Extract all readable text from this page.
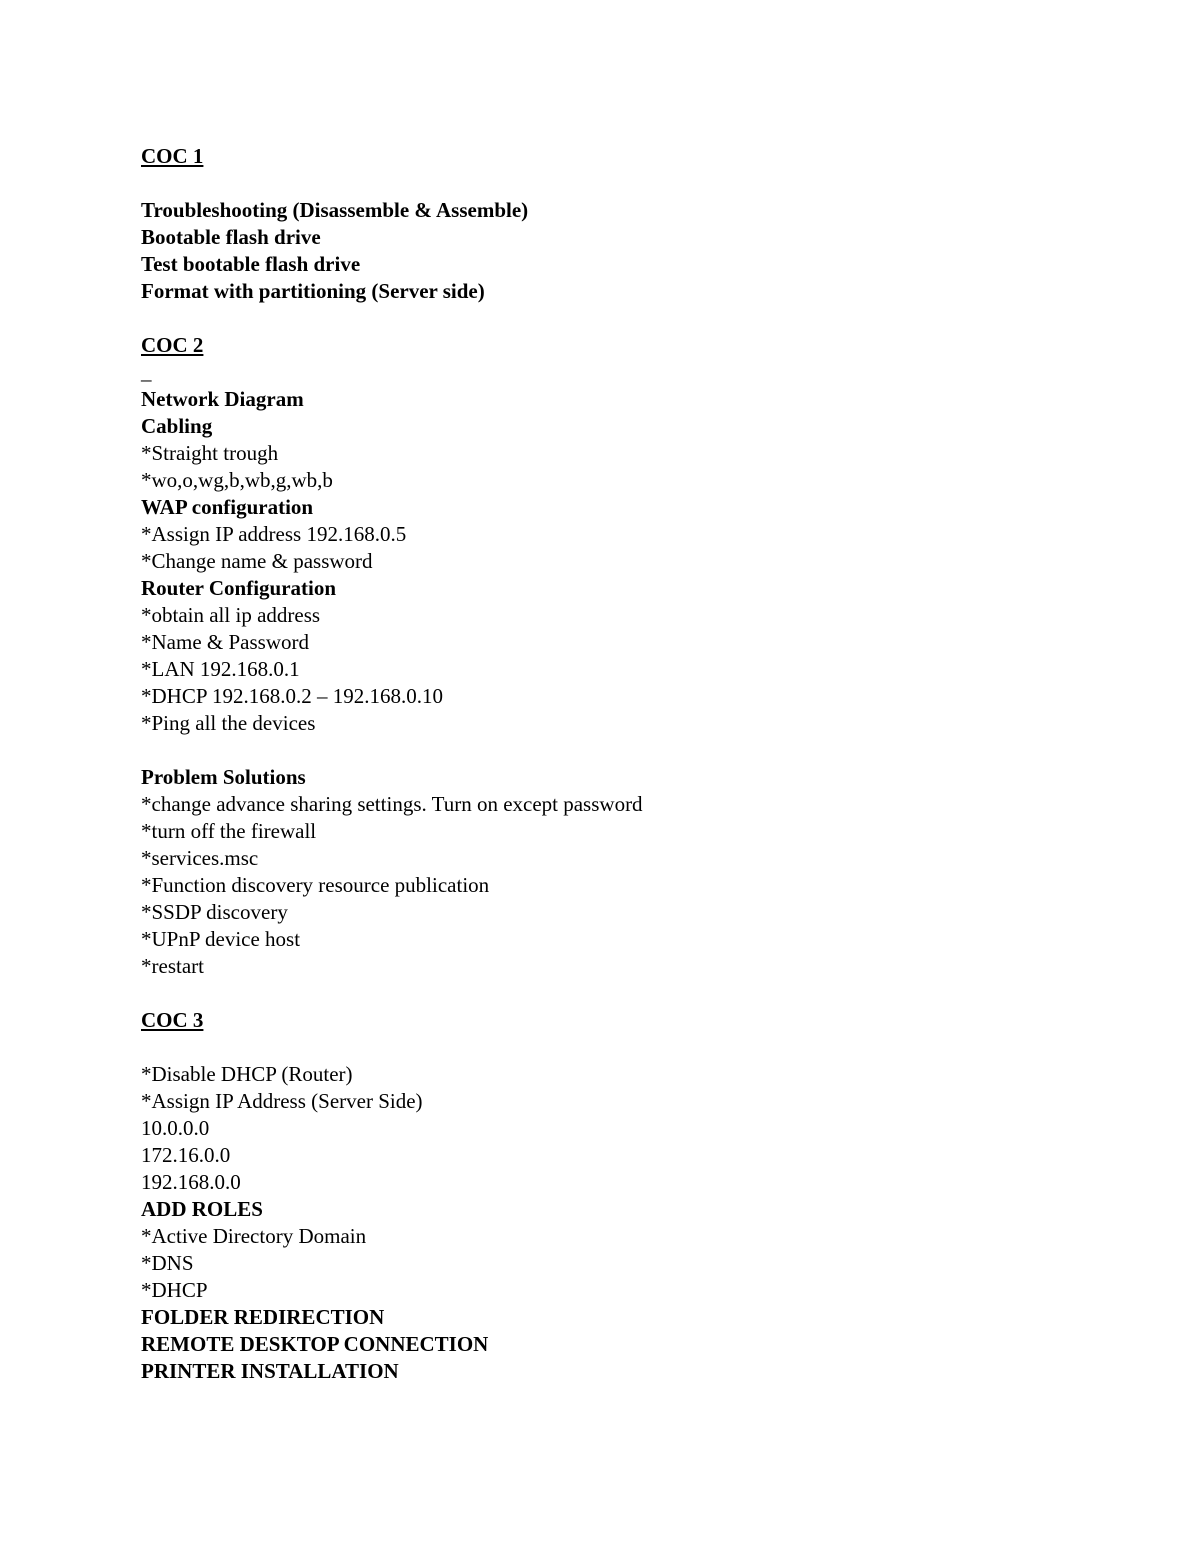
COC 1
Troubleshooting (Disassemble & Assemble)
Bootable flash drive
Test bootable flash drive
Format with partitioning (Server side)
COC 2
_
Network Diagram
Cabling
*Straight trough
*wo,o,wg,b,wb,g,wb,b
WAP configuration
*Assign IP address 192.168.0.5
*Change name & password
Router Configuration
*obtain all ip address
*Name & Password
*LAN 192.168.0.1
*DHCP 192.168.0.2 – 192.168.0.10
*Ping all the devices
Problem Solutions
*change advance sharing settings. Turn on except password
*turn off the firewall
*services.msc
*Function discovery resource publication
*SSDP discovery
*UPnP device host
*restart
COC 3
*Disable DHCP (Router)
*Assign IP Address (Server Side)
10.0.0.0
172.16.0.0
192.168.0.0
ADD ROLES
*Active Directory Domain
*DNS
*DHCP
FOLDER REDIRECTION
REMOTE DESKTOP CONNECTION
PRINTER INSTALLATION
